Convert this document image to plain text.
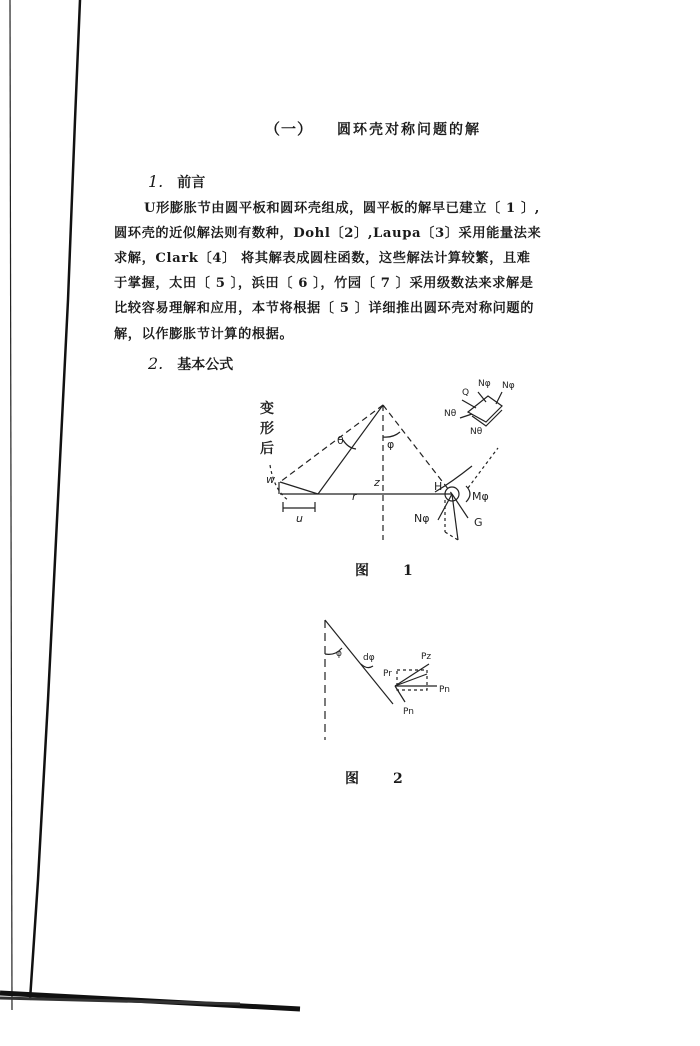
（一） 圆环壳对称问题的解
1. 前言
U形膨胀节由圆平板和圆环壳组成，圆平板的解早已建立〔 1 〕,
圆环壳的近似解法则有数种，Dohl〔2〕,Laupa〔3〕采用能量法来
求解，Clark〔4〕 将其解表成圆柱函数，这些解法计算较繁，且难
于掌握，太田〔 5 〕，浜田〔 6 〕，竹园〔 7 〕采用级数法来求解是
比较容易理解和应用，本节将根据〔 5 〕详细推出圆环壳对称问题的
解，以作膨胀节计算的根据。
2. 基本公式
变
形
后
θ	φ
w
u
r
z	H
Mφ
Nφ	G
Q
Nφ Nφ
Nθ
Nθ
图 1
φ dφ
Pr
Pz
Pn
Pn
图 2
